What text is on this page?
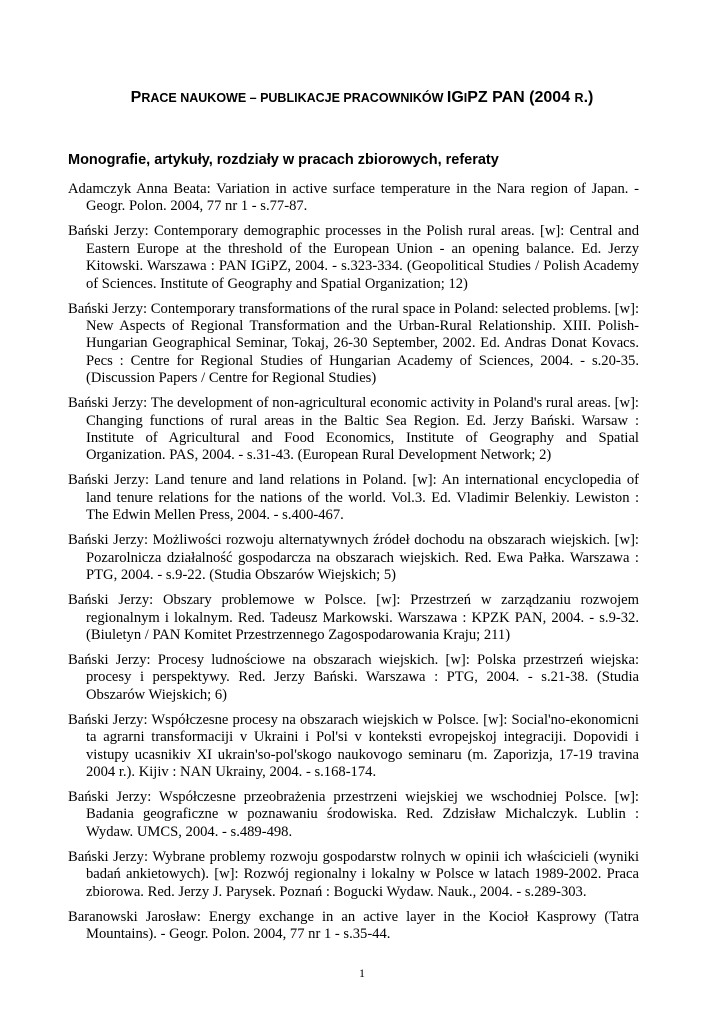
PRACE NAUKOWE – PUBLIKACJE PRACOWNIKÓW IGIPZ PAN (2004 R.)
Monografie, artykuły, rozdziały w pracach zbiorowych, referaty

Adamczyk Anna Beata: Variation in active surface temperature in the Nara region of Japan. - Geogr. Polon. 2004, 77 nr 1 - s.77-87.

Bański Jerzy: Contemporary demographic processes in the Polish rural areas. [w]: Central and Eastern Europe at the threshold of the European Union - an opening balance. Ed. Jerzy Kitowski. Warszawa : PAN IGiPZ, 2004. - s.323-334. (Geopolitical Studies / Polish Academy of Sciences. Institute of Geography and Spatial Organization; 12)

Bański Jerzy: Contemporary transformations of the rural space in Poland: selected problems. [w]: New Aspects of Regional Transformation and the Urban-Rural Relationship. XIII. Polish-Hungarian Geographical Seminar, Tokaj, 26-30 September, 2002. Ed. Andras Donat Kovacs. Pecs : Centre for Regional Studies of Hungarian Academy of Sciences, 2004. - s.20-35. (Discussion Papers / Centre for Regional Studies)

Bański Jerzy: The development of non-agricultural economic activity in Poland's rural areas. [w]: Changing functions of rural areas in the Baltic Sea Region. Ed. Jerzy Bański. Warsaw : Institute of Agricultural and Food Economics, Institute of Geography and Spatial Organization. PAS, 2004. - s.31-43. (European Rural Development Network; 2)

Bański Jerzy: Land tenure and land relations in Poland. [w]: An international encyclopedia of land tenure relations for the nations of the world. Vol.3. Ed. Vladimir Belenkiy. Lewiston : The Edwin Mellen Press, 2004. - s.400-467.

Bański Jerzy: Możliwości rozwoju alternatywnych źródeł dochodu na obszarach wiejskich. [w]: Pozarolnicza działalność gospodarcza na obszarach wiejskich. Red. Ewa Pałka. Warszawa : PTG, 2004. - s.9-22. (Studia Obszarów Wiejskich; 5)

Bański Jerzy: Obszary problemowe w Polsce. [w]: Przestrzeń w zarządzaniu rozwojem regionalnym i lokalnym. Red. Tadeusz Markowski. Warszawa : KPZK PAN, 2004. - s.9-32. (Biuletyn / PAN Komitet Przestrzennego Zagospodarowania Kraju; 211)

Bański Jerzy: Procesy ludnościowe na obszarach wiejskich. [w]: Polska przestrzeń wiejska: procesy i perspektywy. Red. Jerzy Bański. Warszawa : PTG, 2004. - s.21-38. (Studia Obszarów Wiejskich; 6)

Bański Jerzy: Współczesne procesy na obszarach wiejskich w Polsce. [w]: Social'no-ekonomicni ta agrarni transformaciji v Ukraini i Pol'si v konteksti evropejskoj integraciji. Dopovidi i vistupy ucasnikiv XI ukrain'so-pol'skogo naukovogo seminaru (m. Zaporizja, 17-19 travina 2004 r.). Kijiv : NAN Ukrainy, 2004. - s.168-174.

Bański Jerzy: Współczesne przeobrażenia przestrzeni wiejskiej we wschodniej Polsce. [w]: Badania geograficzne w poznawaniu środowiska. Red. Zdzisław Michalczyk. Lublin : Wydaw. UMCS, 2004. - s.489-498.

Bański Jerzy: Wybrane problemy rozwoju gospodarstw rolnych w opinii ich właścicieli (wyniki badań ankietowych). [w]: Rozwój regionalny i lokalny w Polsce w latach 1989-2002. Praca zbiorowa. Red. Jerzy J. Parysek. Poznań : Bogucki Wydaw. Nauk., 2004. - s.289-303.

Baranowski Jarosław: Energy exchange in an active layer in the Kocioł Kasprowy (Tatra Mountains). - Geogr. Polon. 2004, 77 nr 1 - s.35-44.

1
